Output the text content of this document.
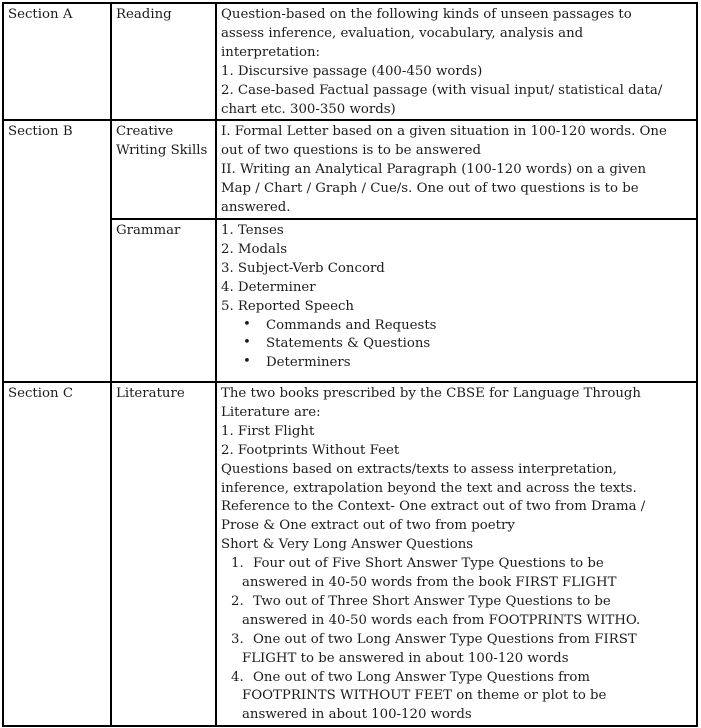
Section A	Reading	Question-based on the following kinds of unseen passages to
assess inference, evaluation, vocabulary, analysis and
interpretation:
1. Discursive passage (400-450 words)
2. Case-based Factual passage (with visual input/ statistical data/
chart etc. 300-350 words)

Section B	Creative Writing Skills	I. Formal Letter based on a given situation in 100-120 words. One
out of two questions is to be answered
II. Writing an Analytical Paragraph (100-120 words) on a given
Map / Chart / Graph / Cue/s. One out of two questions is to be
answered.

Grammar	1. Tenses
2. Modals
3. Subject-Verb Concord
4. Determiner
5. Reported Speech
• Commands and Requests
• Statements & Questions
• Determiners

Section C	Literature	The two books prescribed by the CBSE for Language Through
Literature are:
1. First Flight
2. Footprints Without Feet
Questions based on extracts/texts to assess interpretation,
inference, extrapolation beyond the text and across the texts.
Reference to the Context- One extract out of two from Drama /
Prose & One extract out of two from poetry
Short & Very Long Answer Questions
1. Four out of Five Short Answer Type Questions to be
answered in 40-50 words from the book FIRST FLIGHT
2. Two out of Three Short Answer Type Questions to be
answered in 40-50 words each from FOOTPRINTS WITHO.
3. One out of two Long Answer Type Questions from FIRST
FLIGHT to be answered in about 100-120 words
4. One out of two Long Answer Type Questions from
FOOTPRINTS WITHOUT FEET on theme or plot to be
answered in about 100-120 words
